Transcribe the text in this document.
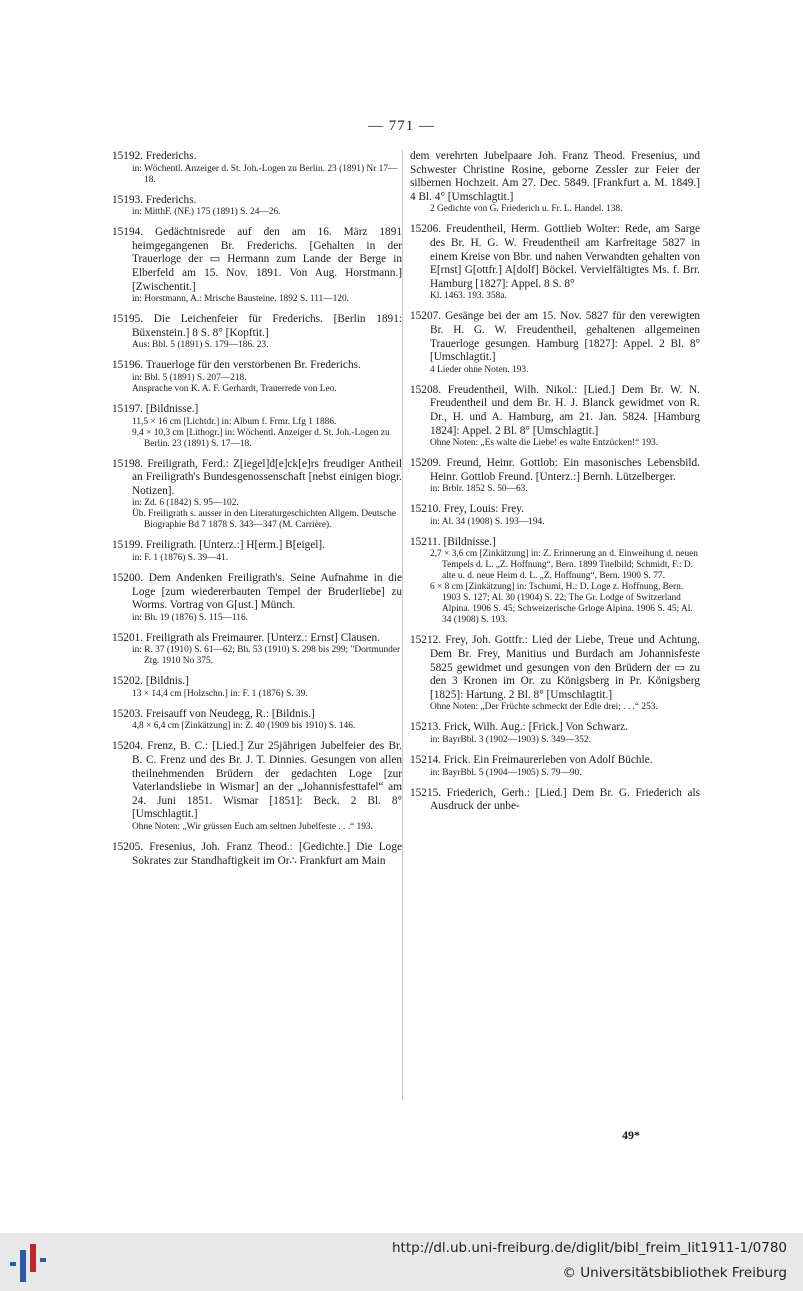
— 771 —
15192. Frederichs.
in: Wöchentl. Anzeiger d. St. Joh.-Logen zu Berlin. 23 (1891) Nr 17—18.
15193. Frederichs.
in: MitthF. (NF.) 175 (1891) S. 24—26.
15194. Gedächtnisrede auf den am 16. März 1891 heimgegangenen Br. Frederichs. [Gehalten in der Trauerloge der ▭ Hermann zum Lande der Berge in Elberfeld am 15. Nov. 1891. Von Aug. Horstmann.] [Zwischentit.]
in: Horstmann, A.: Mrische Bausteine. 1892 S. 111—120.
15195. Die Leichenfeier für Frederichs. [Berlin 1891: Büxenstein.] 8 S. 8° [Kopftit.]
Aus: Bbl. 5 (1891) S. 179—186. 23.
15196. Trauerloge für den verstorbenen Br. Frederichs.
in: Bbl. 5 (1891) S. 207—218.
Ansprache von K. A. F. Gerhardt, Trauerrede von Leo.
15197. [Bildnisse.]
11,5 × 16 cm [Lichtdr.] in: Album f. Frmr. Lfg 1 1886.
9,4 × 10,3 cm [Lithogr.] in: Wöchentl. Anzeiger d. St. Joh.-Logen zu Berlin. 23 (1891) S. 17—18.
15198. Freiligrath, Ferd.: Z[iegel]d[e]ck[e]rs freudiger Antheil an Freiligrath's Bundesgenossenschaft [nebst einigen biogr. Notizen].
in: Zd. 6 (1842) S. 95—102.
Üb. Freiligrath s. ausser in den Literaturgeschichten Allgem. Deutsche Biographie Bd 7 1878 S. 343—347 (M. Carrière).
15199. Freiligrath. [Unterz.:] H[erm.] B[eigel].
in: F. 1 (1876) S. 39—41.
15200. Dem Andenken Freiligrath's. Seine Aufnahme in die Loge [zum wiedererbauten Tempel der Bruderliebe] zu Worms. Vortrag von G[ust.] Münch.
in: Bh. 19 (1876) S. 115—116.
15201. Freiligrath als Freimaurer. [Unterz.: Ernst] Clausen.
in: R. 37 (1910) S. 61—62; Bh. 53 (1910) S. 298 bis 299; "Dortmunder Ztg. 1910 No 375.
15202. [Bildnis.]
13 × 14,4 cm [Holzschn.] in: F. 1 (1876) S. 39.
15203. Freisauff von Neudegg, R.: [Bildnis.]
4,8 × 6,4 cm [Zinkätzung] in: Z. 40 (1909 bis 1910) S. 146.
15204. Frenz, B. C.: [Lied.] Zur 25jährigen Jubelfeier des Br. B. C. Frenz und des Br. J. T. Dinnies. Gesungen von allen theilnehmenden Brüdern der gedachten Loge [zur Vaterlandsliebe in Wismar] an der „Johannisfesttafel“ am 24. Juni 1851. Wismar [1851]: Beck. 2 Bl. 8° [Umschlagtit.]
Ohne Noten: „Wir grüssen Euch am seltnen Jubelfeste . . .“ 193.
15205. Fresenius, Joh. Franz Theod.: [Gedichte.] Die Loge Sokrates zur Standhaftigkeit im Or∴ Frankfurt am Main
dem verehrten Jubelpaare Joh. Franz Theod. Fresenius, und Schwester Christine Rosine, geborne Zessler zur Feier der silbernen Hochzeit. Am 27. Dec. 5849. [Frankfurt a. M. 1849.] 4 Bl. 4° [Umschlagtit.]
2 Gedichte von G. Friederich u. Fr. L. Handel. 138.
15206. Freudentheil, Herm. Gottlieb Wolter: Rede, am Sarge des Br. H. G. W. Freudentheil am Karfreitage 5827 in einem Kreise von Bbr. und nahen Verwandten gehalten von E[rnst] G[ottfr.] A[dolf] Böckel. Vervielfältigtes Ms. f. Brr. Hamburg [1827]: Appel. 8 S. 8°
Kl. 1463. 193. 358a.
15207. Gesänge bei der am 15. Nov. 5827 für den verewigten Br. H. G. W. Freudentheil, gehaltenen allgemeinen Trauerloge gesungen. Hamburg [1827]: Appel. 2 Bl. 8° [Umschlagtit.]
4 Lieder ohne Noten. 193.
15208. Freudentheil, Wilh. Nikol.: [Lied.] Dem Br. W. N. Freudentheil und dem Br. H. J. Blanck gewidmet von R. Dr., H. und A. Hamburg, am 21. Jan. 5824. [Hamburg 1824]: Appel. 2 Bl. 8° [Umschlagtit.]
Ohne Noten: „Es walte die Liebe! es walte Entzücken!“ 193.
15209. Freund, Heinr. Gottlob: Ein masonisches Lebensbild. Heinr. Gottlob Freund. [Unterz.:] Bernh. Lützelberger.
in: Brblr. 1852 S. 50—63.
15210. Frey, Louis: Frey.
in: Al. 34 (1908) S. 193—194.
15211. [Bildnisse.]
2,7 × 3,6 cm [Zinkätzung] in: Z. Erinnerung an d. Einweihung d. neuen Tempels d. L. „Z. Hoffnung“, Bern. 1899 Titelbild; Schmidt, F.: D. alte u. d. neue Heim d. L. „Z. Hoffnung“, Bern. 1900 S. 77.
6 × 8 cm [Zinkätzung] in: Tschumi, H.: D. Loge z. Hoffnung, Bern. 1903 S. 127; Al. 30 (1904) S. 22; The Gr. Lodge of Switzerland Alpina. 1906 S. 45; Schweizerische Grloge Alpina. 1906 S. 45; Al. 34 (1908) S. 193.
15212. Frey, Joh. Gottfr.: Lied der Liebe, Treue und Achtung. Dem Br. Frey, Manitius und Burdach am Johannisfeste 5825 gewidmet und gesungen von den Brüdern der ▭ zu den 3 Kronen im Or. zu Königsberg in Pr. Königsberg [1825]: Hartung. 2 Bl. 8° [Umschlagtit.]
Ohne Noten: „Der Früchte schmeckt der Edle drei; . . .“ 253.
15213. Frick, Wilh. Aug.: [Frick.] Von Schwarz.
in: BayrBbl. 3 (1902—1903) S. 349—352.
15214. Frick. Ein Freimaurerleben von Adolf Büchle.
in: BayrBbl. 5 (1904—1905) S. 79—90.
15215. Friederich, Gerh.: [Lied.] Dem Br. G. Friederich als Ausdruck der unbe-
49*
http://dl.ub.uni-freiburg.de/diglit/bibl_freim_lit1911-1/0780
© Universitätsbibliothek Freiburg
